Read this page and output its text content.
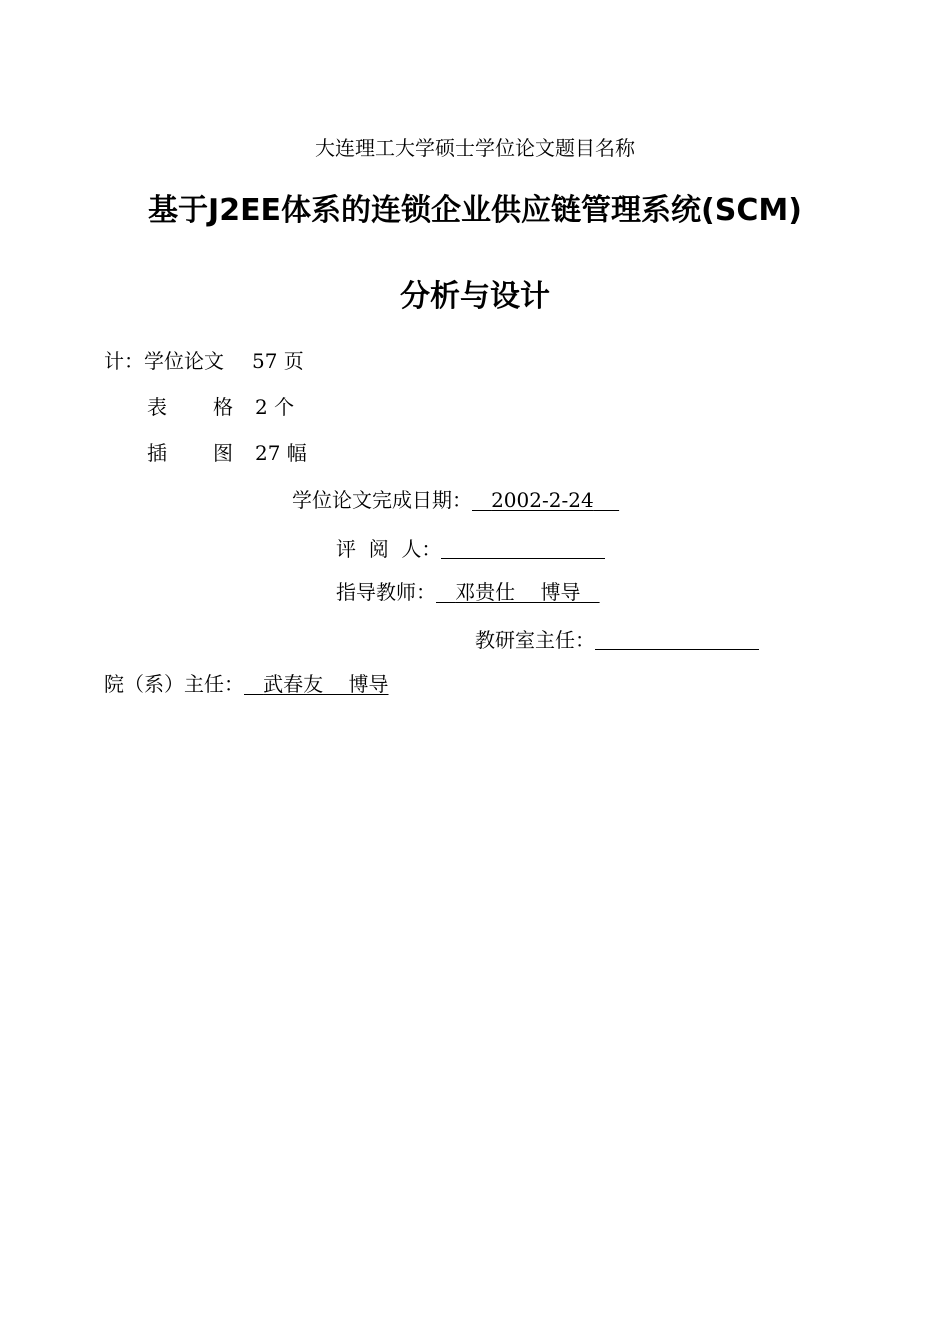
大连理工大学硕士学位论文题目名称
基于J2EE体系的连锁企业供应链管理系统(SCM)
分析与设计
计：学位论文 57 页
表 格 2 个
插 图 27 幅
学位论文完成日期： 2002-2-24
评  阅  人：
指导教师： 邓贵仕    博导
教研室主任：
院（系）主任： 武春友    博导
